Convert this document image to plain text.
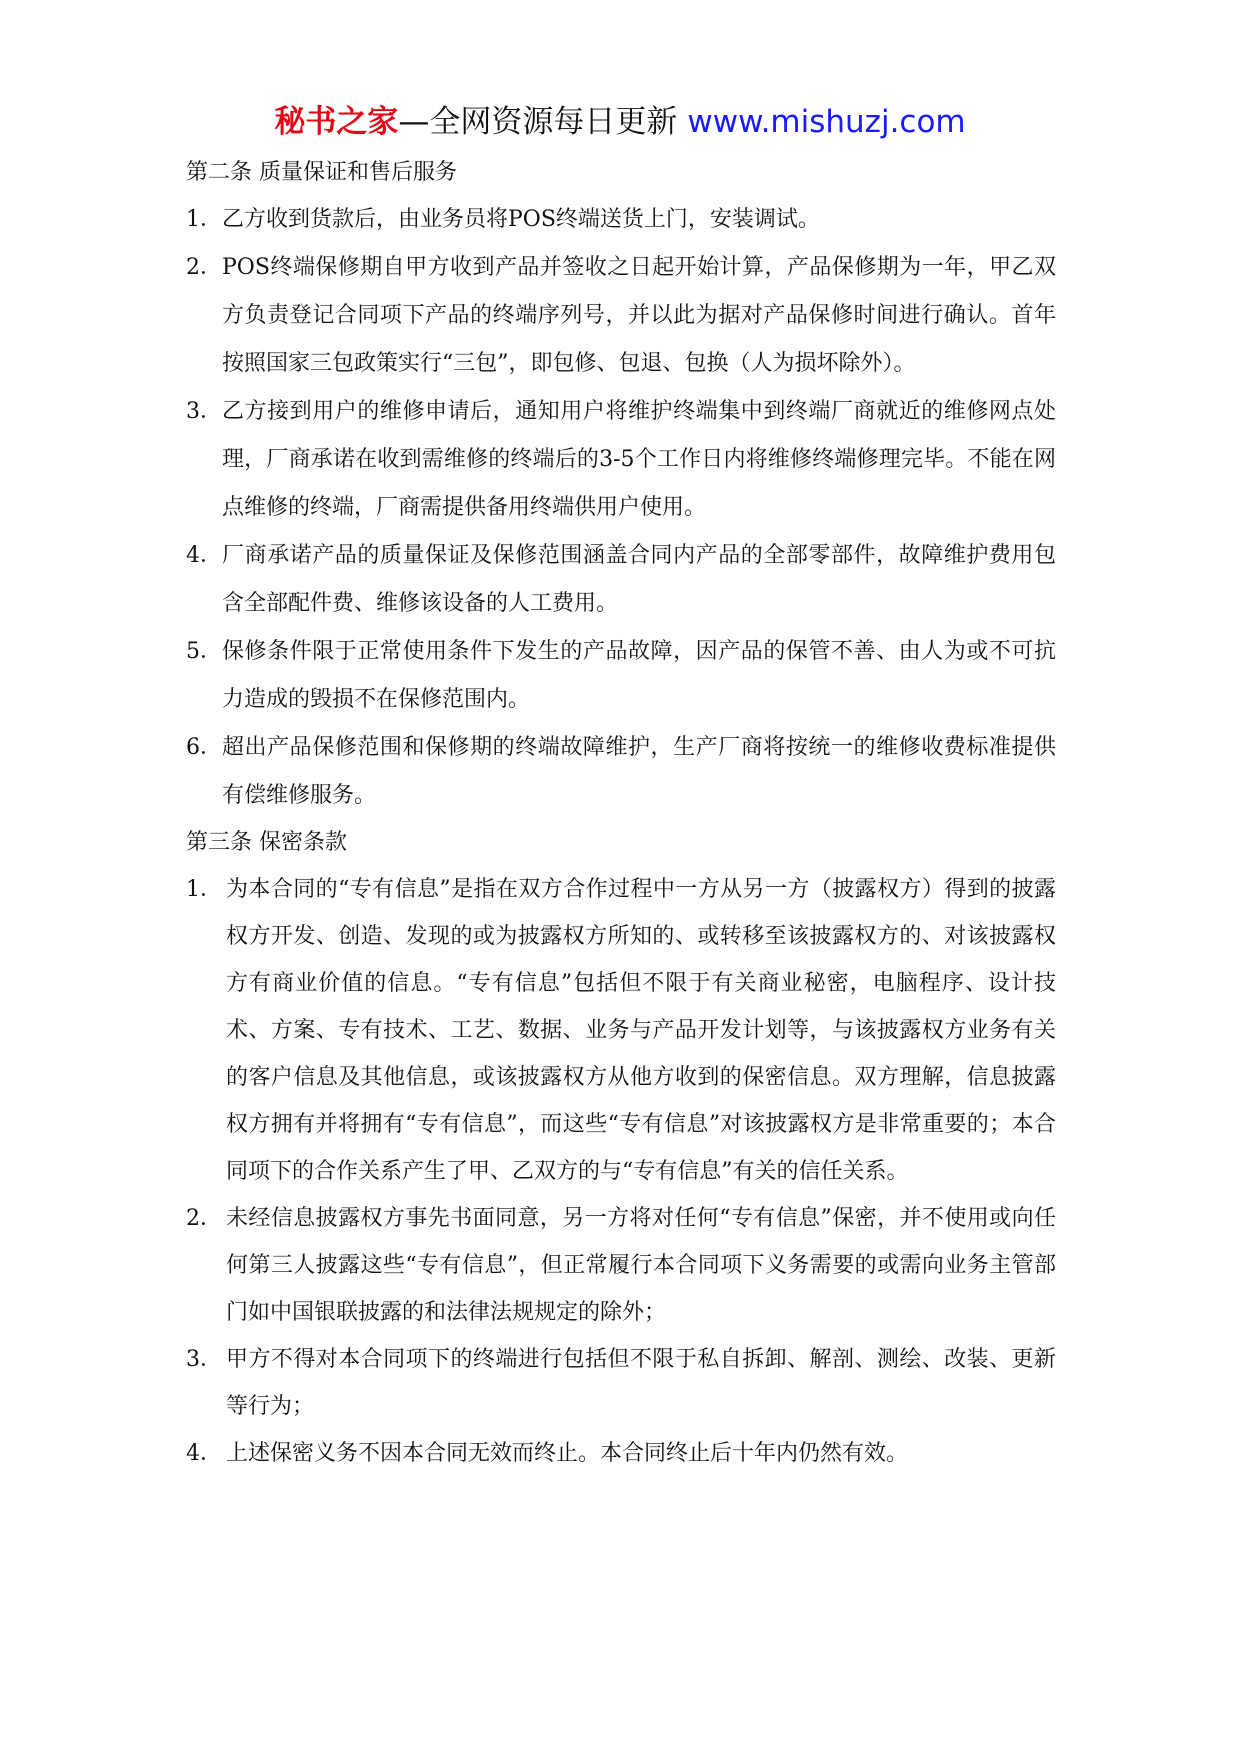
秘书之家—全网资源每日更新 www.mishuzj.com

第二条 质量保证和售后服务

1． 乙方收到货款后，由业务员将POS终端送货上门，安装调试。
2． POS终端保修期自甲方收到产品并签收之日起开始计算，产品保修期为一年，甲乙双方负责登记合同项下产品的终端序列号，并以此为据对产品保修时间进行确认。首年按照国家三包政策实行“三包”，即包修、包退、包换（人为损坏除外）。
3． 乙方接到用户的维修申请后，通知用户将维护终端集中到终端厂商就近的维修网点处理，厂商承诺在收到需维修的终端后的3-5个工作日内将维修终端修理完毕。不能在网点维修的终端，厂商需提供备用终端供用户使用。
4． 厂商承诺产品的质量保证及保修范围涵盖合同内产品的全部零部件，故障维护费用包含全部配件费、维修该设备的人工费用。
5． 保修条件限于正常使用条件下发生的产品故障，因产品的保管不善、由人为或不可抗力造成的毁损不在保修范围内。
6． 超出产品保修范围和保修期的终端故障维护，生产厂商将按统一的维修收费标准提供有偿维修服务。

第三条 保密条款

1． 为本合同的“专有信息”是指在双方合作过程中一方从另一方（披露权方）得到的披露权方开发、创造、发现的或为披露权方所知的、或转移至该披露权方的、对该披露权方有商业价值的信息。“专有信息”包括但不限于有关商业秘密，电脑程序、设计技术、方案、专有技术、工艺、数据、业务与产品开发计划等，与该披露权方业务有关的客户信息及其他信息，或该披露权方从他方收到的保密信息。双方理解，信息披露权方拥有并将拥有“专有信息”，而这些“专有信息”对该披露权方是非常重要的；本合同项下的合作关系产生了甲、乙双方的与“专有信息”有关的信任关系。
2． 未经信息披露权方事先书面同意，另一方将对任何“专有信息”保密，并不使用或向任何第三人披露这些“专有信息”，但正常履行本合同项下义务需要的或需向业务主管部门如中国银联披露的和法律法规规定的除外；
3． 甲方不得对本合同项下的终端进行包括但不限于私自拆卸、解剖、测绘、改装、更新等行为；
4． 上述保密义务不因本合同无效而终止。本合同终止后十年内仍然有效。
